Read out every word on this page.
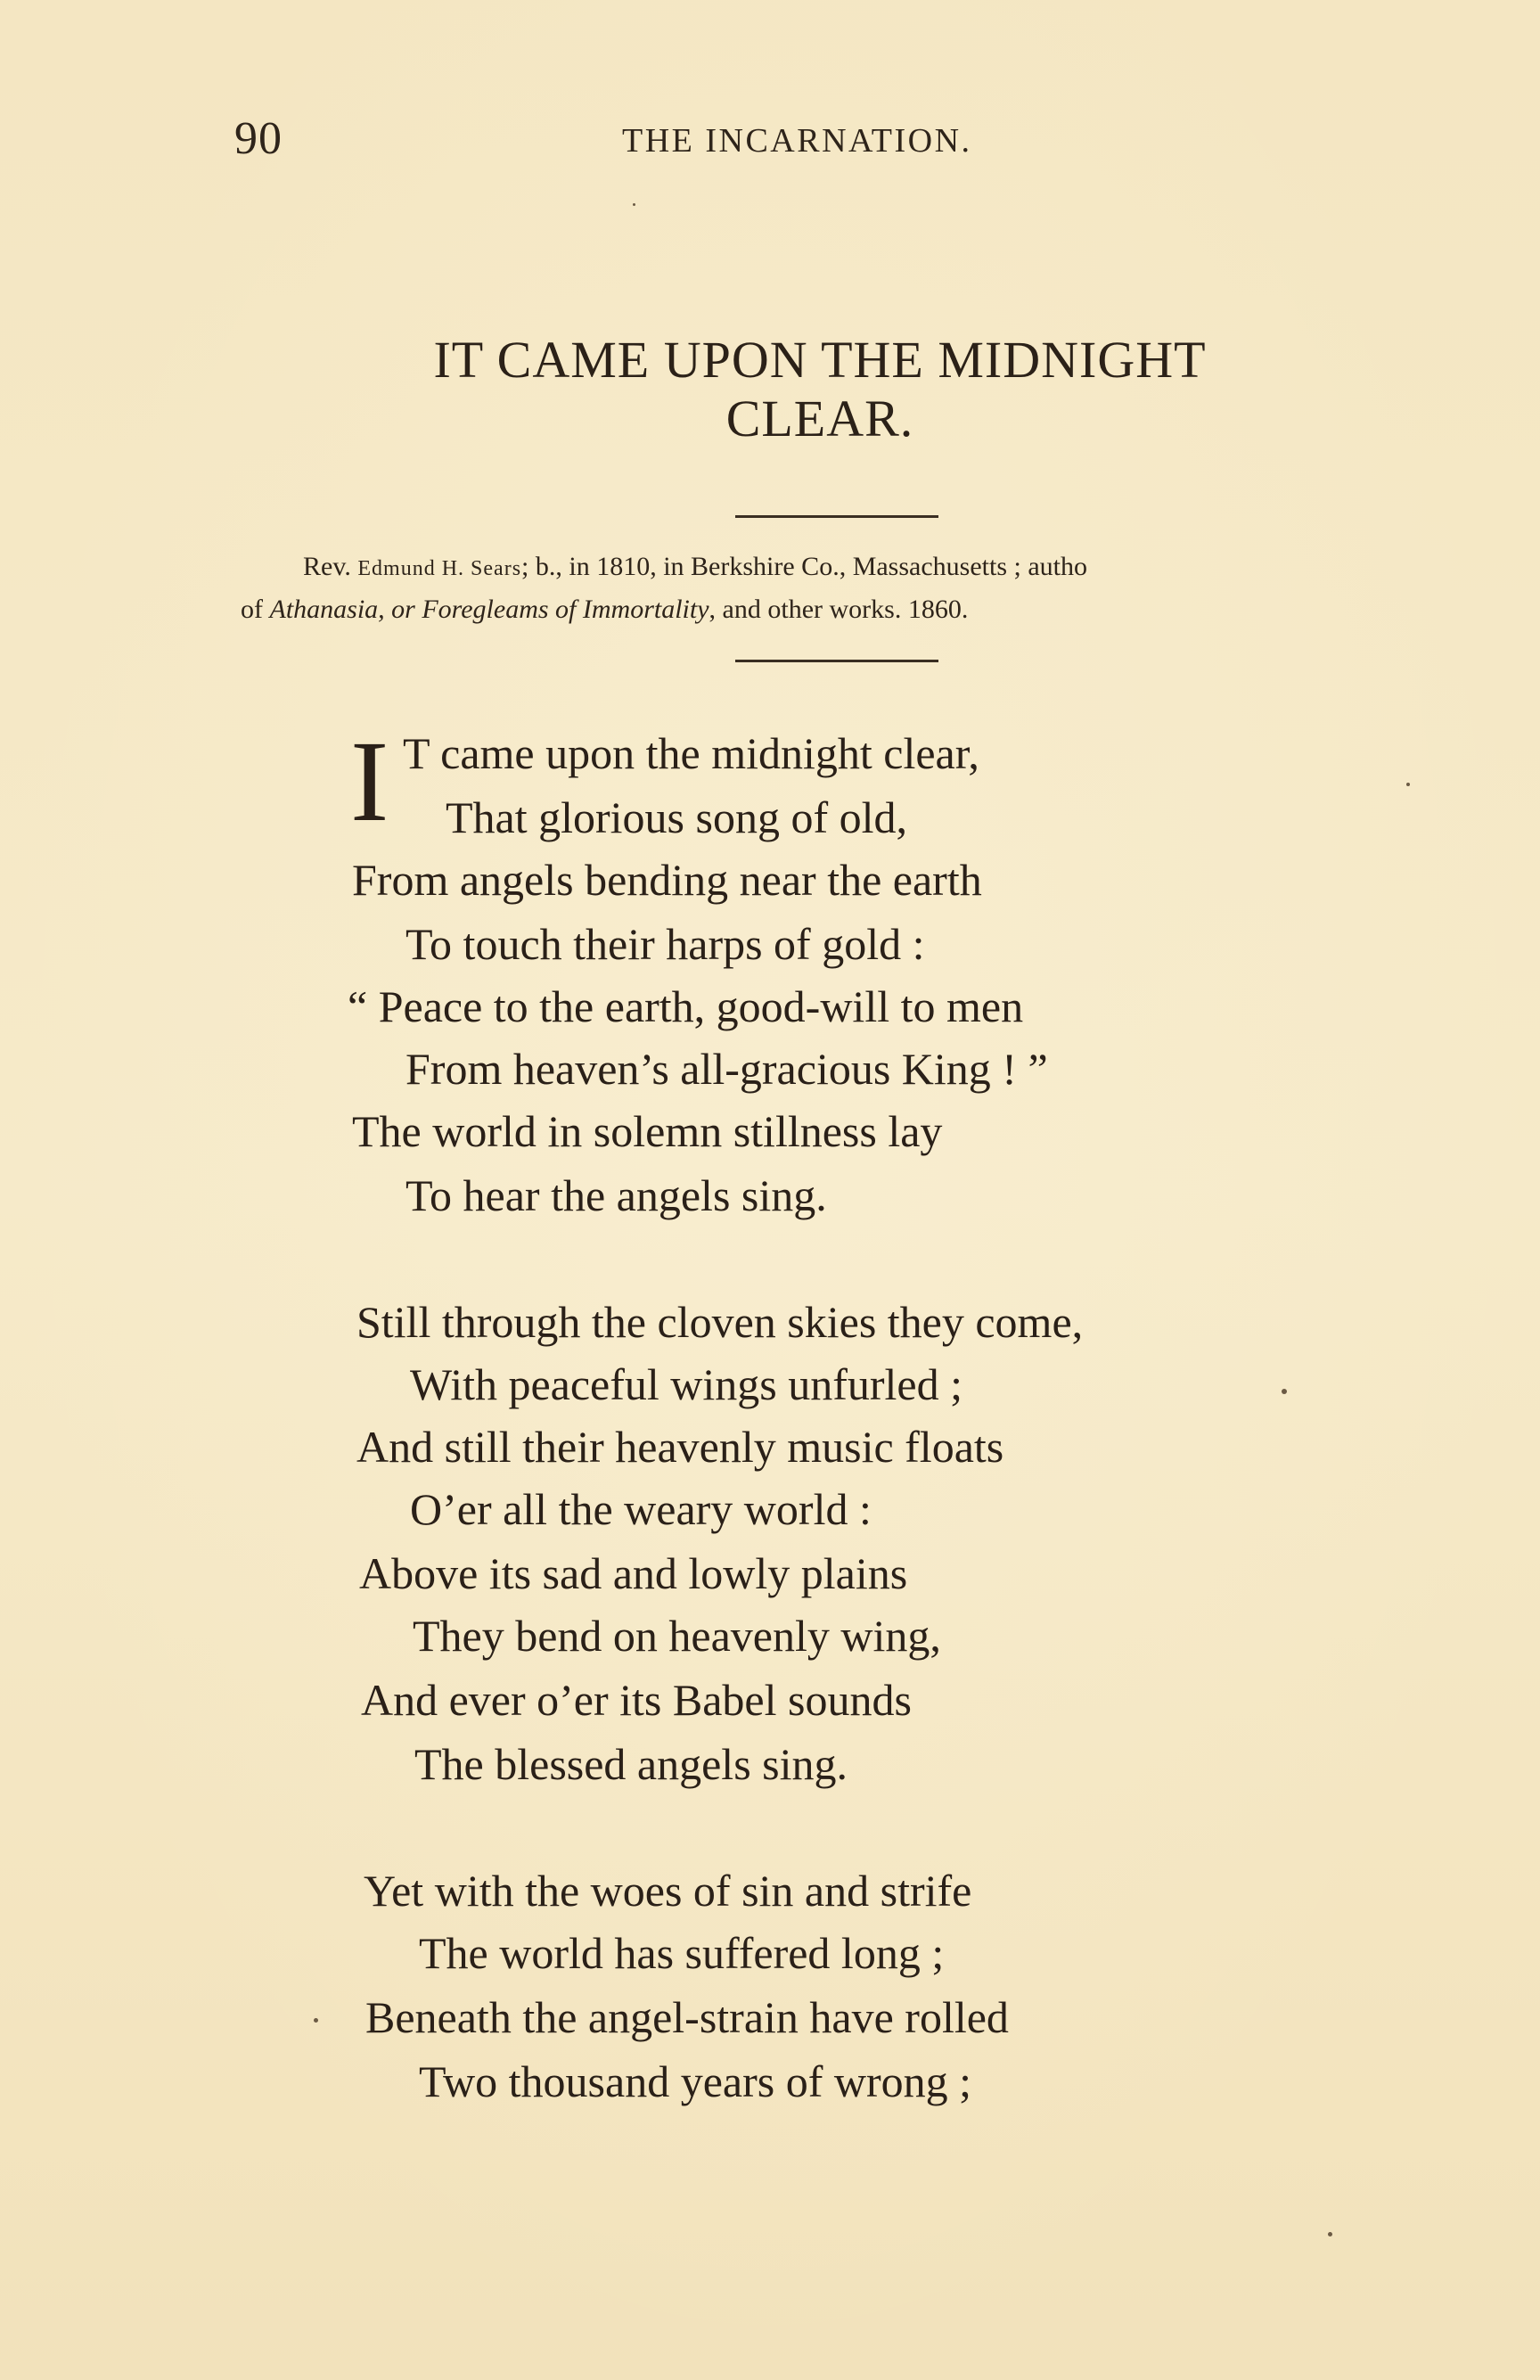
90	THE INCARNATION.
IT CAME UPON THE MIDNIGHT
CLEAR.
Rev. Edmund H. Sears; b., in 1810, in Berkshire Co., Massachusetts ; autho
of Athanasia, or Foregleams of Immortality, and other works. 1860.
I T came upon the midnight clear,
That glorious song of old,
From angels bending near the earth
To touch their harps of gold :
“ Peace to the earth, good-will to men
From heaven’s all-gracious King ! ”
The world in solemn stillness lay
To hear the angels sing.
Still through the cloven skies they come,
With peaceful wings unfurled ;
And still their heavenly music floats
O’er all the weary world :
Above its sad and lowly plains
They bend on heavenly wing,
And ever o’er its Babel sounds
The blessed angels sing.
Yet with the woes of sin and strife
The world has suffered long ;
Beneath the angel-strain have rolled
Two thousand years of wrong ;
